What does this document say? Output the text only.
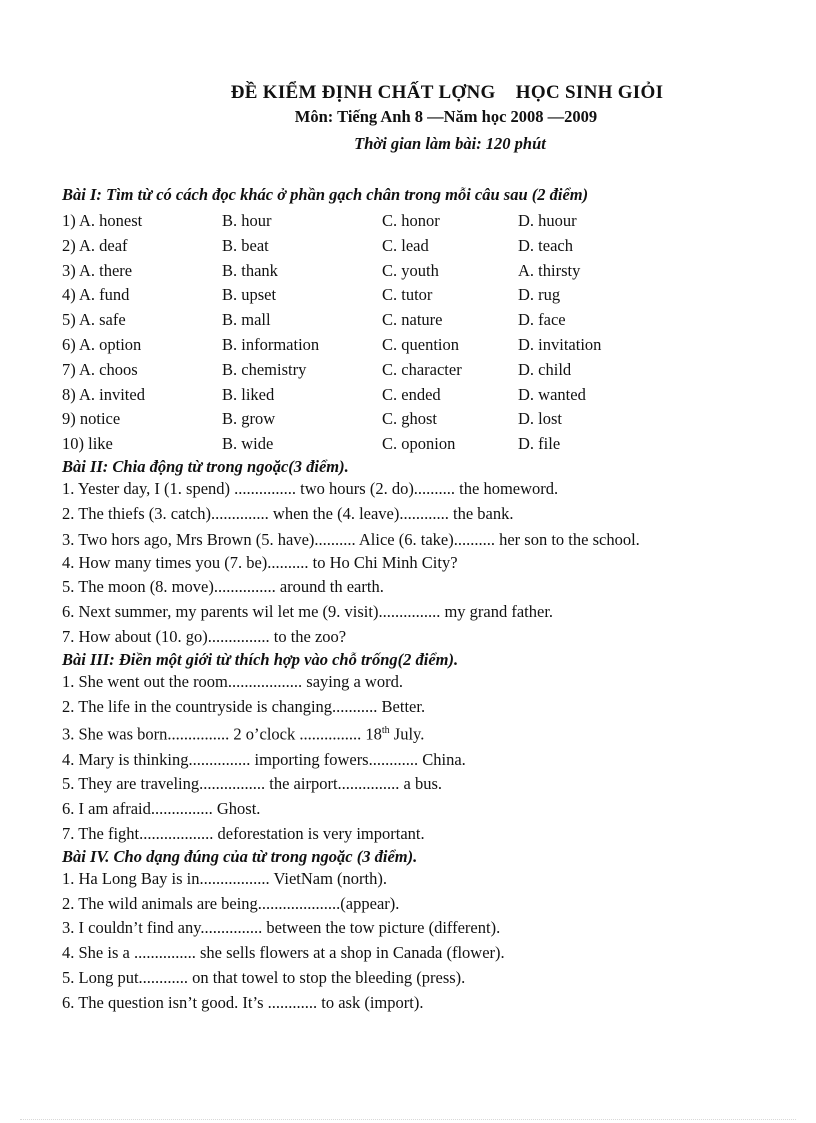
ĐỀ KIỂM ĐỊNH CHẤT LỢNG    HỌC SINH GIỎI
Môn: Tiếng Anh 8 —Năm học 2008 —2009
Thời gian làm bài: 120 phút
Bài I: Tìm từ có cách đọc khác ở phần gạch chân trong mỗi câu sau (2 điểm)
1) A. honest	B. hour	C. honor	D. huour
2) A. deaf	B. beat	C. lead	D. teach
3) A. there	B. thank	C. youth	A. thirsty
4) A. fund	B. upset	C. tutor	D. rug
5) A. safe	B. mall	C. nature	D. face
6) A. option	B. information	C. quention	D. invitation
7) A. choos	B. chemistry	C. character	D. child
8) A. invited	B. liked	C. ended	D. wanted
9) notice	B. grow	C. ghost	D. lost
10) like	B. wide	C. oponion	D. file
Bài II: Chia động từ trong ngoặc(3 điểm).
1. Yester day, I (1. spend) ............... two hours (2. do).......... the homeword.
2. The thiefs (3. catch).............. when the (4. leave)............ the bank.
3. Two hors ago, Mrs Brown (5. have).......... Alice (6. take).......... her son to the school.
4. How many times you (7. be).......... to Ho Chi Minh City?
5. The moon (8. move)............... around th earth.
6. Next summer, my parents wil let me (9. visit)............... my grand father.
7. How about (10. go)............... to the zoo?
Bài III: Điền một giới từ thích hợp vào chỗ trống(2 điểm).
1. She went out the room.................. saying a word.
2. The life in the countryside is changing........... Better.
3. She was born............... 2 o’clock ............... 18th July.
4. Mary is thinking............... importing fowers............ China.
5. They are traveling................ the airport............... a bus.
6. I am afraid............... Ghost.
7. The fight.................. deforestation is very important.
Bài IV. Cho dạng đúng của từ trong ngoặc (3 điểm).
1. Ha Long Bay is in................. VietNam (north).
2. The wild animals are being....................(appear).
3. I couldn’t find any............... between the tow picture (different).
4. She is a ............... she sells flowers at a shop in Canada (flower).
5. Long put............ on that towel to stop the bleeding (press).
6. The question isn’t good. It’s ............ to ask (import).
